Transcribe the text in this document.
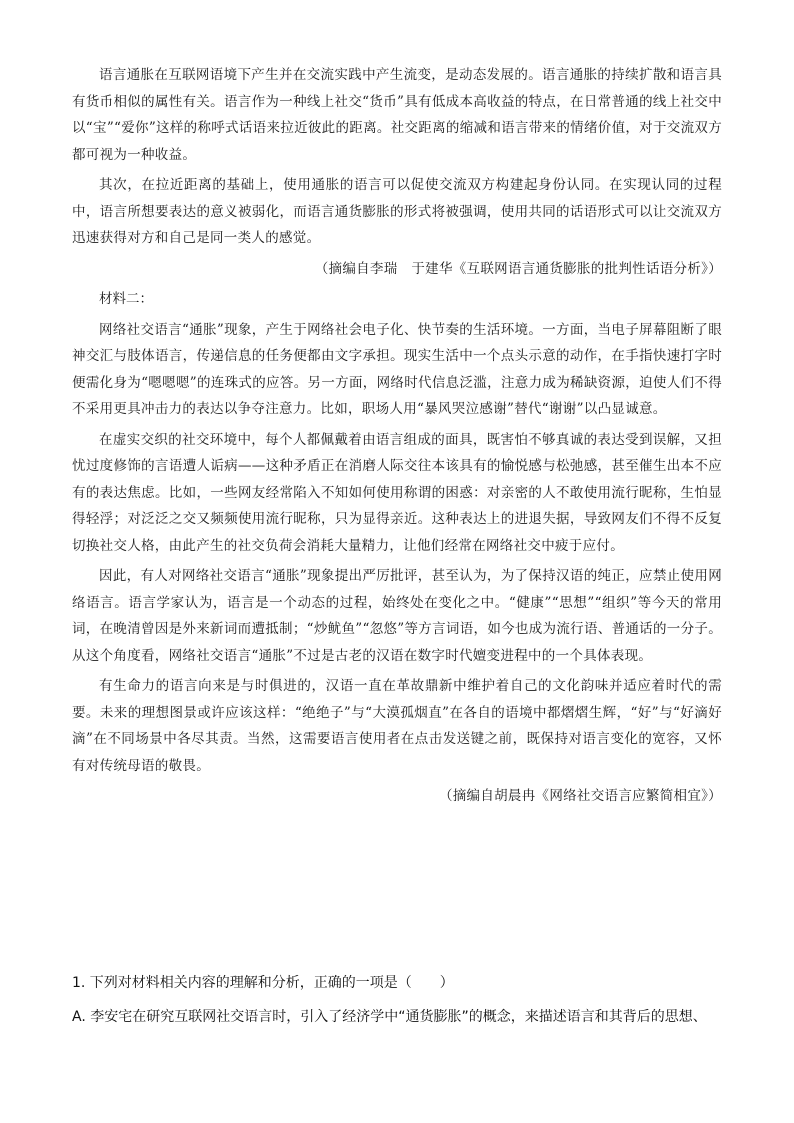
语言通胀在互联网语境下产生并在交流实践中产生流变，是动态发展的。语言通胀的持续扩散和语言具有货币相似的属性有关。语言作为一种线上社交“货币”具有低成本高收益的特点，在日常普通的线上社交中以“宝”“爱你”这样的称呼式话语来拉近彼此的距离。社交距离的缩减和语言带来的情绪价值，对于交流双方都可视为一种收益。

其次，在拉近距离的基础上，使用通胀的语言可以促使交流双方构建起身份认同。在实现认同的过程中，语言所想要表达的意义被弱化，而语言通货膨胀的形式将被强调，使用共同的话语形式可以让交流双方迅速获得对方和自己是同一类人的感觉。

（摘编自李瑞　于建华《互联网语言通货膨胀的批判性话语分析》）

材料二：

网络社交语言“通胀”现象，产生于网络社会电子化、快节奏的生活环境。一方面，当电子屏幕阻断了眼神交汇与肢体语言，传递信息的任务便都由文字承担。现实生活中一个点头示意的动作，在手指快速打字时便需化身为“嗯嗯嗯”的连珠式的应答。另一方面，网络时代信息泛滥，注意力成为稀缺资源，迫使人们不得不采用更具冲击力的表达以争夺注意力。比如，职场人用“暴风哭泣感谢”替代“谢谢”以凸显诚意。

在虚实交织的社交环境中，每个人都佩戴着由语言组成的面具，既害怕不够真诚的表达受到误解，又担忧过度修饰的言语遭人诟病——这种矛盾正在消磨人际交往本该具有的愉悦感与松弛感，甚至催生出本不应有的表达焦虑。比如，一些网友经常陷入不知如何使用称谓的困惑：对亲密的人不敢使用流行昵称，生怕显得轻浮；对泛泛之交又频频使用流行昵称，只为显得亲近。这种表达上的进退失据，导致网友们不得不反复切换社交人格，由此产生的社交负荷会消耗大量精力，让他们经常在网络社交中疲于应付。

因此，有人对网络社交语言“通胀”现象提出严厉批评，甚至认为，为了保持汉语的纯正，应禁止使用网络语言。语言学家认为，语言是一个动态的过程，始终处在变化之中。“健康”“思想”“组织”等今天的常用词，在晚清曾因是外来新词而遭抵制；“炒鱿鱼”“忽悠”等方言词语，如今也成为流行语、普通话的一分子。从这个角度看，网络社交语言“通胀”不过是古老的汉语在数字时代嬗变进程中的一个具体表现。

有生命力的语言向来是与时俱进的，汉语一直在革故鼎新中维护着自己的文化韵味并适应着时代的需要。未来的理想图景或许应该这样：“绝绝子”与“大漠孤烟直”在各自的语境中都熠熠生辉，“好”与“好滴好滴”在不同场景中各尽其责。当然，这需要语言使用者在点击发送键之前，既保持对语言变化的宽容，又怀有对传统母语的敬畏。

（摘编自胡晨冉《网络社交语言应繁简相宜》）

1. 下列对材料相关内容的理解和分析，正确的一项是（　　）

A. 李安宅在研究互联网社交语言时，引入了经济学中“通货膨胀”的概念，来描述语言和其背后的思想、
